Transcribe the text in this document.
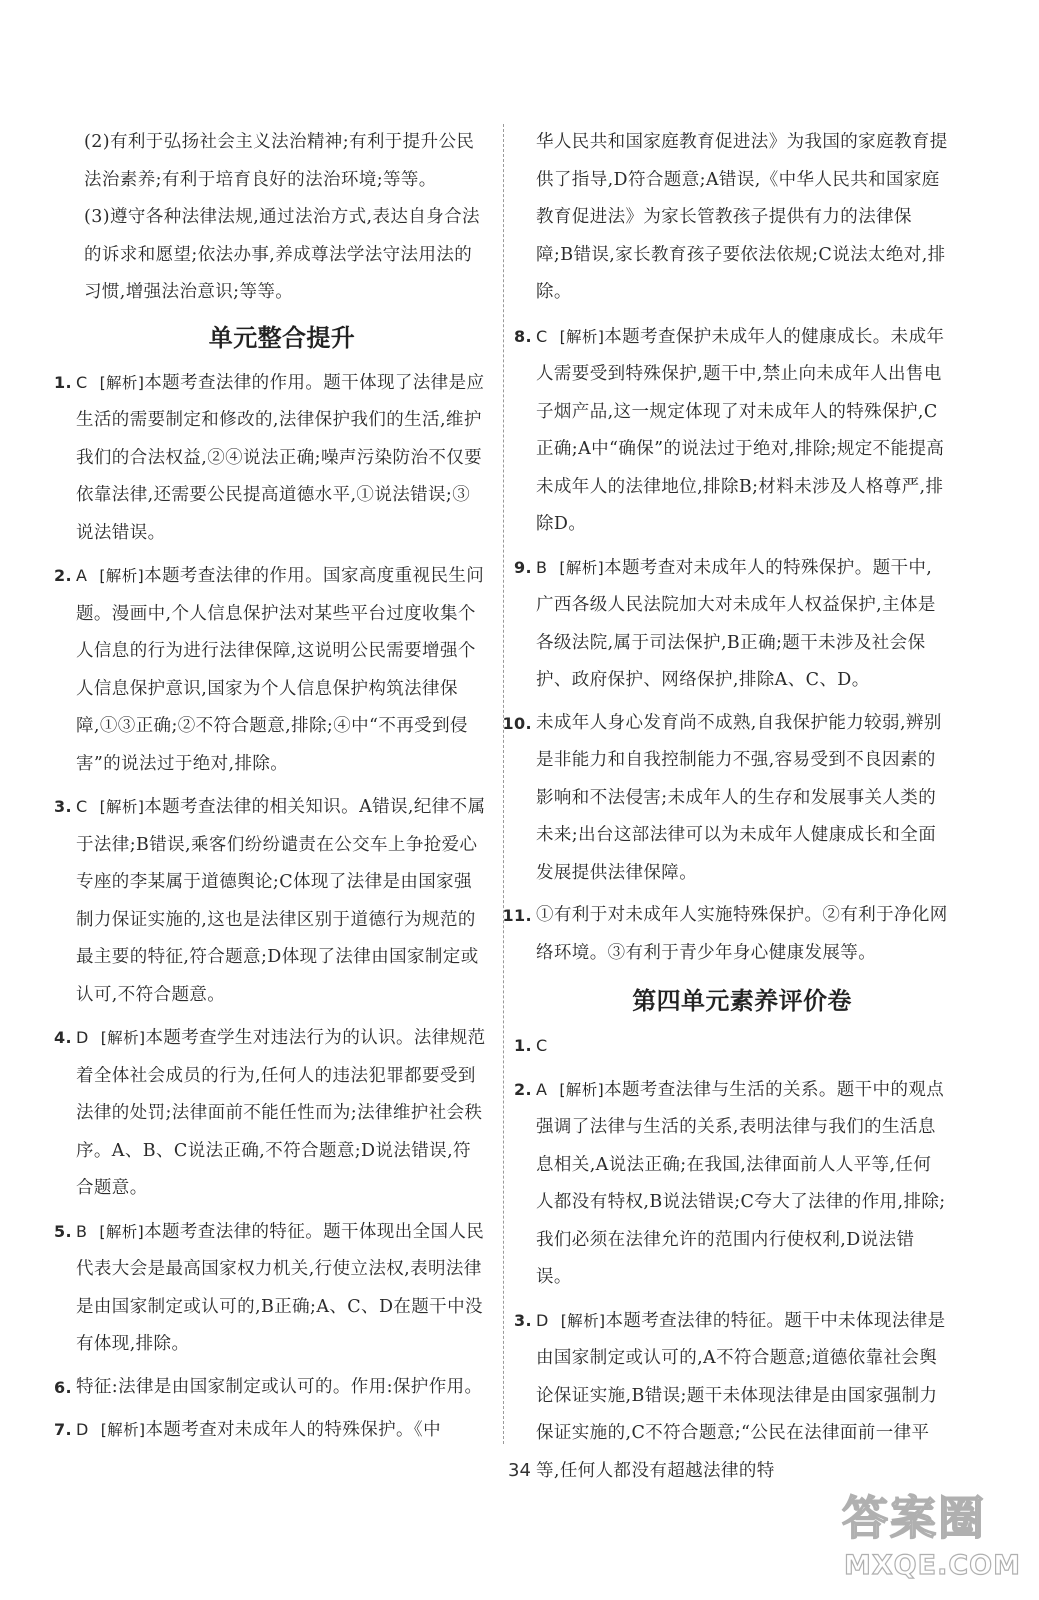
(2)有利于弘扬社会主义法治精神;有利于提升公民法治素养;有利于培育良好的法治环境;等等。
(3)遵守各种法律法规,通过法治方式,表达自身合法的诉求和愿望;依法办事,养成尊法学法守法用法的习惯,增强法治意识;等等。
单元整合提升
1. C [解析]本题考查法律的作用。题干体现了法律是应生活的需要制定和修改的,法律保护我们的生活,维护我们的合法权益,②④说法正确;噪声污染防治不仅要依靠法律,还需要公民提高道德水平,①说法错误;③说法错误。
2. A [解析]本题考查法律的作用。国家高度重视民生问题。漫画中,个人信息保护法对某些平台过度收集个人信息的行为进行法律保障,这说明公民需要增强个人信息保护意识,国家为个人信息保护构筑法律保障,①③正确;②不符合题意,排除;④中“不再受到侵害”的说法过于绝对,排除。
3. C [解析]本题考查法律的相关知识。A错误,纪律不属于法律;B错误,乘客们纷纷谴责在公交车上争抢爱心专座的李某属于道德舆论;C体现了法律是由国家强制力保证实施的,这也是法律区别于道德行为规范的最主要的特征,符合题意;D体现了法律由国家制定或认可,不符合题意。
4. D [解析]本题考查学生对违法行为的认识。法律规范着全体社会成员的行为,任何人的违法犯罪都要受到法律的处罚;法律面前不能任性而为;法律维护社会秩序。A、B、C说法正确,不符合题意;D说法错误,符合题意。
5. B [解析]本题考查法律的特征。题干体现出全国人民代表大会是最高国家权力机关,行使立法权,表明法律是由国家制定或认可的,B正确;A、C、D在题干中没有体现,排除。
6. 特征:法律是由国家制定或认可的。作用:保护作用。
7. D [解析]本题考查对未成年人的特殊保护。《中
华人民共和国家庭教育促进法》为我国的家庭教育提供了指导,D符合题意;A错误,《中华人民共和国家庭教育促进法》为家长管教孩子提供有力的法律保障;B错误,家长教育孩子要依法依规;C说法太绝对,排除。
8. C [解析]本题考查保护未成年人的健康成长。未成年人需要受到特殊保护,题干中,禁止向未成年人出售电子烟产品,这一规定体现了对未成年人的特殊保护,C正确;A中“确保”的说法过于绝对,排除;规定不能提高未成年人的法律地位,排除B;材料未涉及人格尊严,排除D。
9. B [解析]本题考查对未成年人的特殊保护。题干中,广西各级人民法院加大对未成年人权益保护,主体是各级法院,属于司法保护,B正确;题干未涉及社会保护、政府保护、网络保护,排除A、C、D。
10. 未成年人身心发育尚不成熟,自我保护能力较弱,辨别是非能力和自我控制能力不强,容易受到不良因素的影响和不法侵害;未成年人的生存和发展事关人类的未来;出台这部法律可以为未成年人健康成长和全面发展提供法律保障。
11. ①有利于对未成年人实施特殊保护。②有利于净化网络环境。③有利于青少年身心健康发展等。
第四单元素养评价卷
1. C
2. A [解析]本题考查法律与生活的关系。题干中的观点强调了法律与生活的关系,表明法律与我们的生活息息相关,A说法正确;在我国,法律面前人人平等,任何人都没有特权,B说法错误;C夸大了法律的作用,排除;我们必须在法律允许的范围内行使权利,D说法错误。
3. D [解析]本题考查法律的特征。题干中未体现法律是由国家制定或认可的,A不符合题意;道德依靠社会舆论保证实施,B错误;题干未体现法律是由国家强制力保证实施的,C不符合题意;“公民在法律面前一律平等,任何人都没有超越法律的特
34
答案圈
MXQE.COM
